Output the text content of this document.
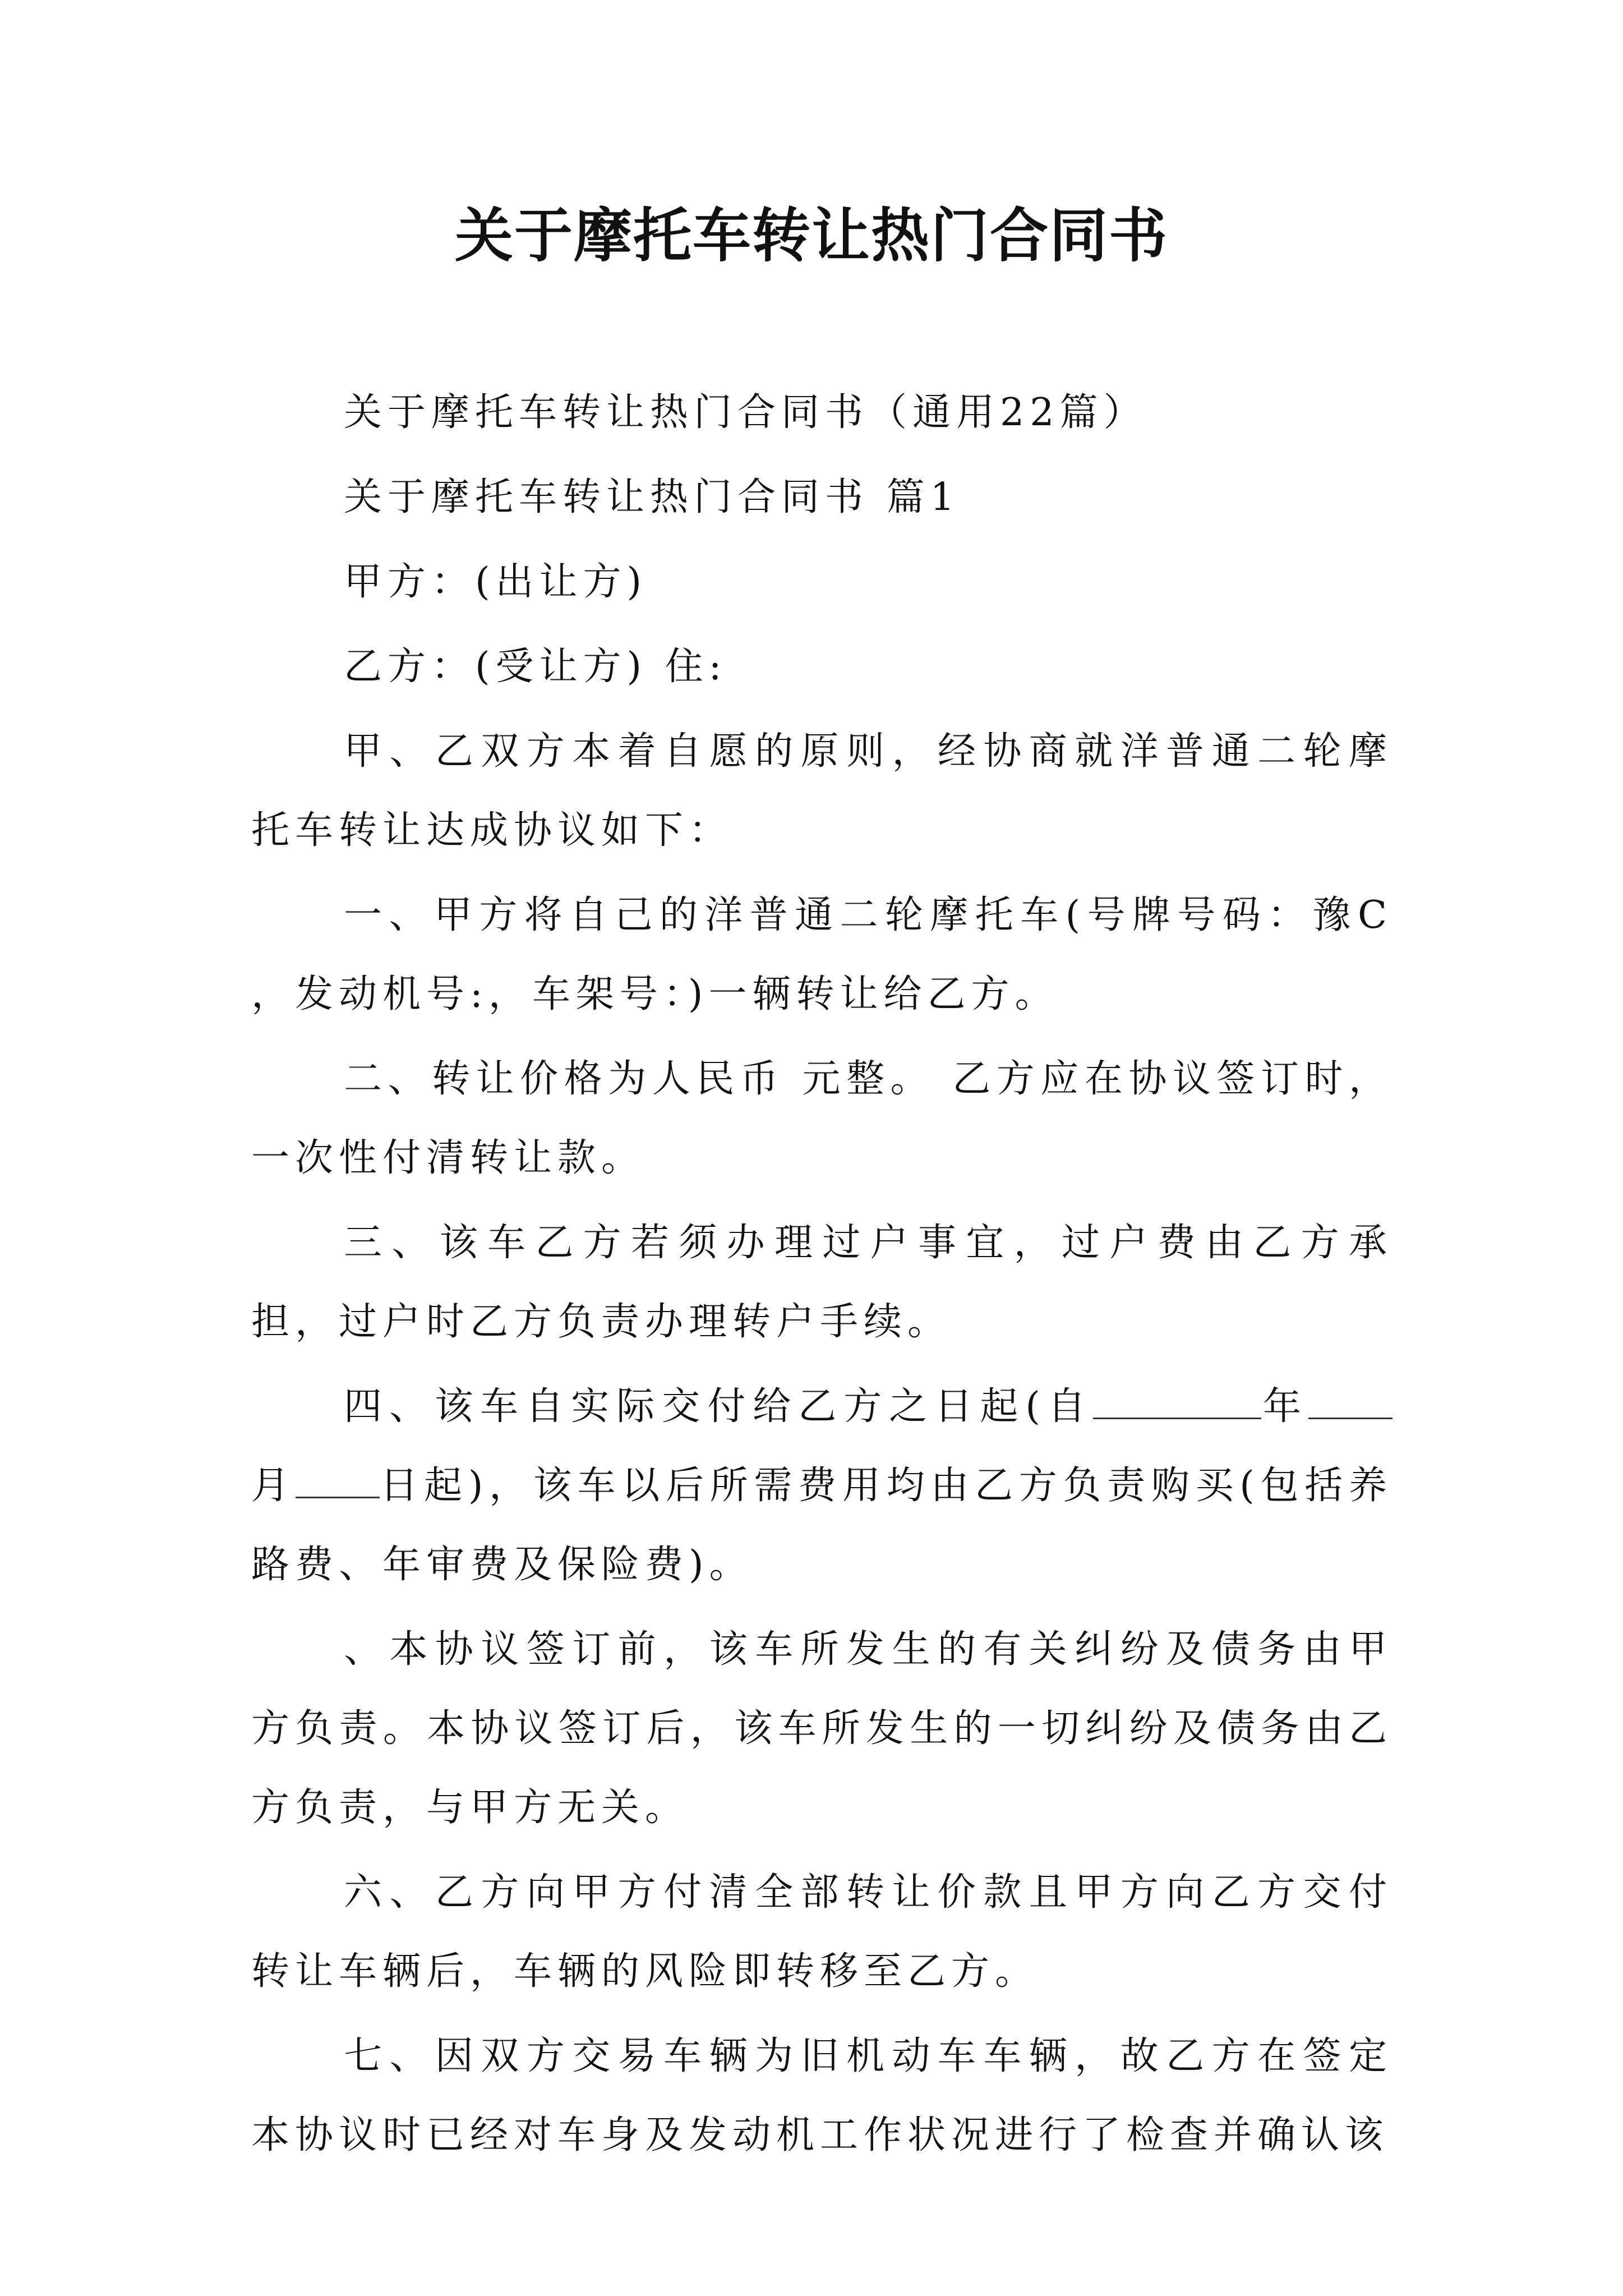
关于摩托车转让热门合同书

关于摩托车转让热门合同书（通用22篇）

关于摩托车转让热门合同书 篇1

甲方：(出让方)

乙方：(受让方) 住:

甲、乙双方本着自愿的原则，经协商就洋普通二轮摩托车转让达成协议如下：

一、甲方将自己的洋普通二轮摩托车(号牌号码：豫C ，发动机号:，车架号：)一辆转让给乙方。

二、转让价格为人民币 元整。 乙方应在协议签订时，一次性付清转让款。

三、该车乙方若须办理过户事宜，过户费由乙方承担，过户时乙方负责办理转户手续。

四、该车自实际交付给乙方之日起(自	年月 日起)，该车以后所需费用均由乙方负责购买(包括养路费、年审费及保险费)。

、本协议签订前，该车所发生的有关纠纷及债务由甲方负责。本协议签订后，该车所发生的一切纠纷及债务由乙方负责，与甲方无关。

六、乙方向甲方付清全部转让价款且甲方向乙方交付转让车辆后，车辆的风险即转移至乙方。

七、因双方交易车辆为旧机动车车辆，故乙方在签定本协议时已经对车身及发动机工作状况进行了检查并确认该
